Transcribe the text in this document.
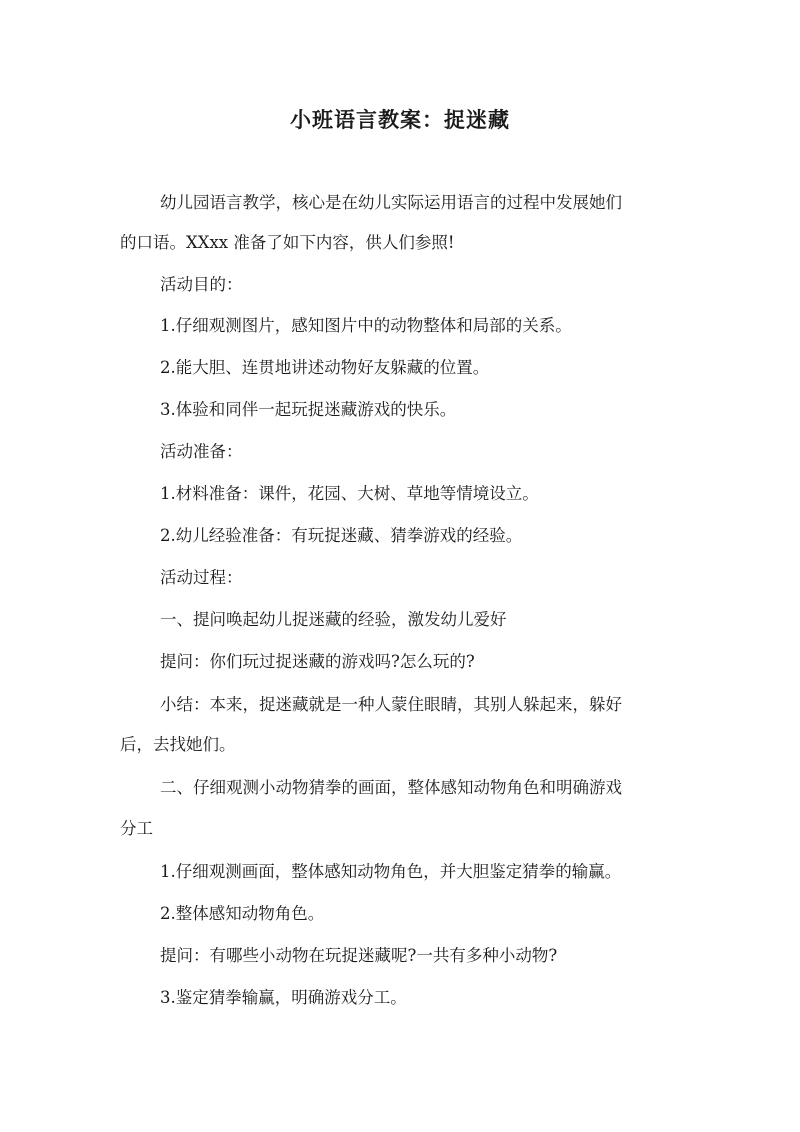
小班语言教案：捉迷藏
幼儿园语言教学，核心是在幼儿实际运用语言的过程中发展她们
的口语。XXxx 准备了如下内容，供人们参照!
活动目的：
1.仔细观测图片，感知图片中的动物整体和局部的关系。
2.能大胆、连贯地讲述动物好友躲藏的位置。
3.体验和同伴一起玩捉迷藏游戏的快乐。
活动准备：
1.材料准备：课件，花园、大树、草地等情境设立。
2.幼儿经验准备：有玩捉迷藏、猜拳游戏的经验。
活动过程：
一、提问唤起幼儿捉迷藏的经验，激发幼儿爱好
提问：你们玩过捉迷藏的游戏吗?怎么玩的?
小结：本来，捉迷藏就是一种人蒙住眼睛，其别人躲起来，躲好
后，去找她们。
二、仔细观测小动物猜拳的画面，整体感知动物角色和明确游戏
分工
1.仔细观测画面，整体感知动物角色，并大胆鉴定猜拳的输赢。
2.整体感知动物角色。
提问：有哪些小动物在玩捉迷藏呢?一共有多种小动物?
3.鉴定猜拳输赢，明确游戏分工。
